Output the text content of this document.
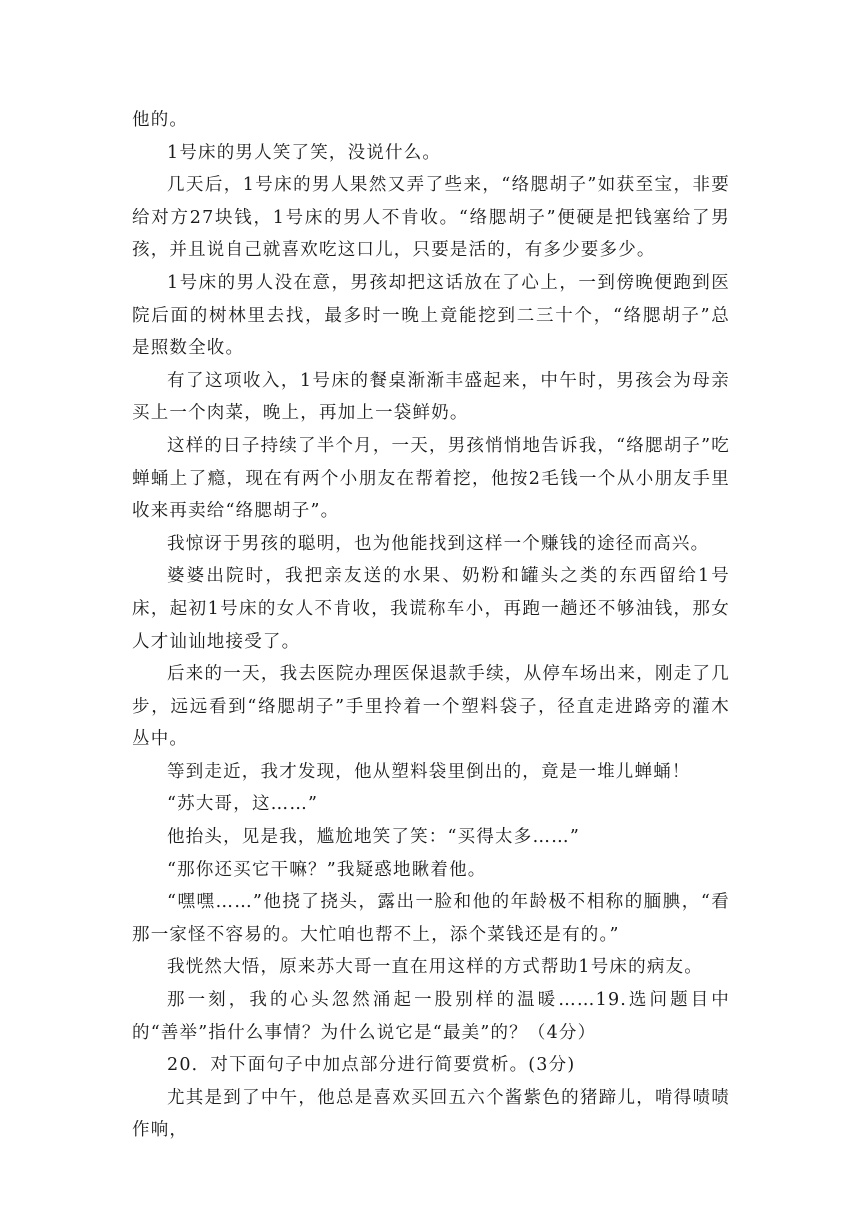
他的。

1号床的男人笑了笑，没说什么。

几天后，1号床的男人果然又弄了些来，“络腮胡子”如获至宝，非要给对方27块钱，1号床的男人不肯收。“络腮胡子”便硬是把钱塞给了男孩，并且说自己就喜欢吃这口儿，只要是活的，有多少要多少。

1号床的男人没在意，男孩却把这话放在了心上，一到傍晚便跑到医院后面的树林里去找，最多时一晚上竟能挖到二三十个，“络腮胡子”总是照数全收。

有了这项收入，1号床的餐桌渐渐丰盛起来，中午时，男孩会为母亲买上一个肉菜，晚上，再加上一袋鲜奶。

这样的日子持续了半个月，一天，男孩悄悄地告诉我，“络腮胡子”吃蝉蛹上了瘾，现在有两个小朋友在帮着挖，他按2毛钱一个从小朋友手里收来再卖给“络腮胡子”。

我惊讶于男孩的聪明，也为他能找到这样一个赚钱的途径而高兴。

婆婆出院时，我把亲友送的水果、奶粉和罐头之类的东西留给1号床，起初1号床的女人不肯收，我谎称车小，再跑一趟还不够油钱，那女人才讪讪地接受了。

后来的一天，我去医院办理医保退款手续，从停车场出来，刚走了几步，远远看到“络腮胡子”手里拎着一个塑料袋子，径直走进路旁的灌木丛中。

等到走近，我才发现，他从塑料袋里倒出的，竟是一堆儿蝉蛹！

“苏大哥，这……”

他抬头，见是我，尴尬地笑了笑：“买得太多……”

“那你还买它干嘛？”我疑惑地瞅着他。

“嘿嘿……”他挠了挠头，露出一脸和他的年龄极不相称的腼腆，“看那一家怪不容易的。大忙咱也帮不上，添个菜钱还是有的。”

我恍然大悟，原来苏大哥一直在用这样的方式帮助1号床的病友。

那一刻，我的心头忽然涌起一股别样的温暖……19.选问题目中的“善举”指什么事情？为什么说它是“最美”的？（4分）

20．对下面句子中加点部分进行简要赏析。(3分)

尤其是到了中午，他总是喜欢买回五六个酱紫色的猪蹄儿，啃得啧啧作响，
